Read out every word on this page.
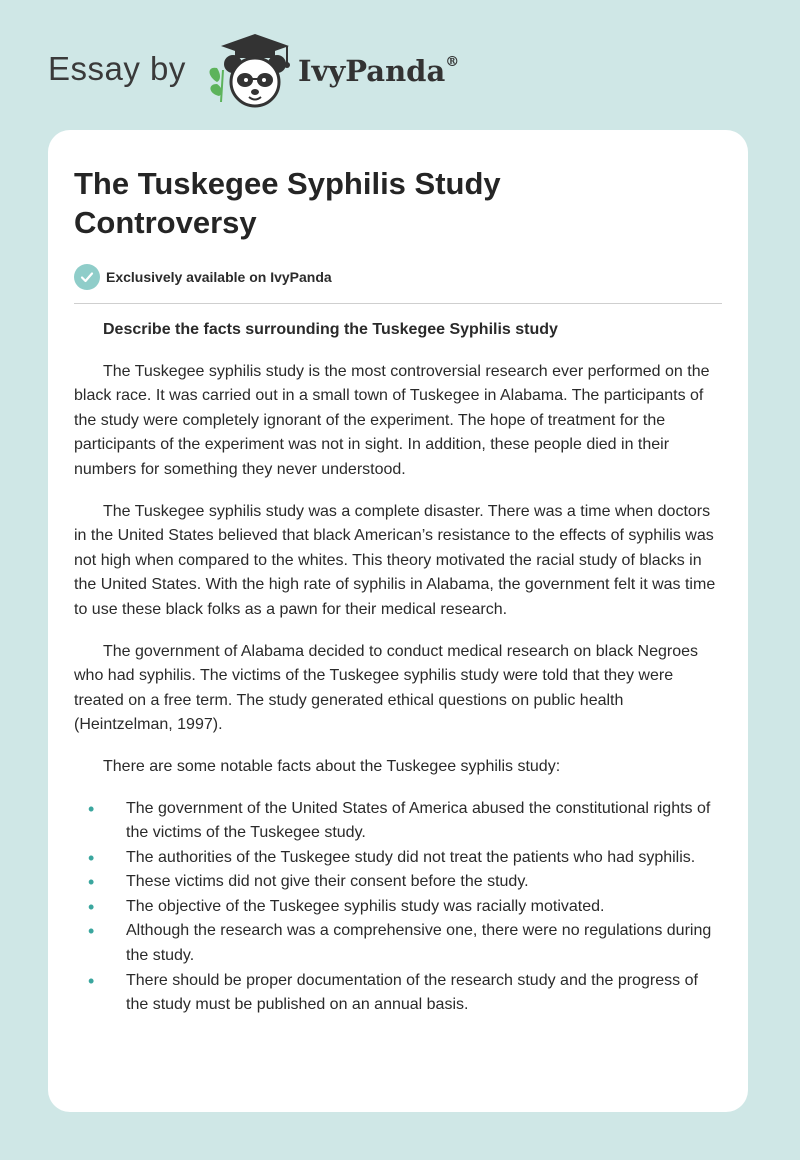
Essay by	IvyPanda®
The Tuskegee Syphilis Study Controversy
Exclusively available on IvyPanda

Describe the facts surrounding the Tuskegee Syphilis study

The Tuskegee syphilis study is the most controversial research ever performed on the black race. It was carried out in a small town of Tuskegee in Alabama. The participants of the study were completely ignorant of the experiment. The hope of treatment for the participants of the experiment was not in sight. In addition, these people died in their numbers for something they never understood.

The Tuskegee syphilis study was a complete disaster. There was a time when doctors in the United States believed that black American’s resistance to the effects of syphilis was not high when compared to the whites. This theory motivated the racial study of blacks in the United States. With the high rate of syphilis in Alabama, the government felt it was time to use these black folks as a pawn for their medical research.

The government of Alabama decided to conduct medical research on black Negroes who had syphilis. The victims of the Tuskegee syphilis study were told that they were treated on a free term. The study generated ethical questions on public health (Heintzelman, 1997).

There are some notable facts about the Tuskegee syphilis study:

• The government of the United States of America abused the constitutional rights of the victims of the Tuskegee study.
• The authorities of the Tuskegee study did not treat the patients who had syphilis.
• These victims did not give their consent before the study.
• The objective of the Tuskegee syphilis study was racially motivated.
• Although the research was a comprehensive one, there were no regulations during the study.
• There should be proper documentation of the research study and the progress of the study must be published on an annual basis.
